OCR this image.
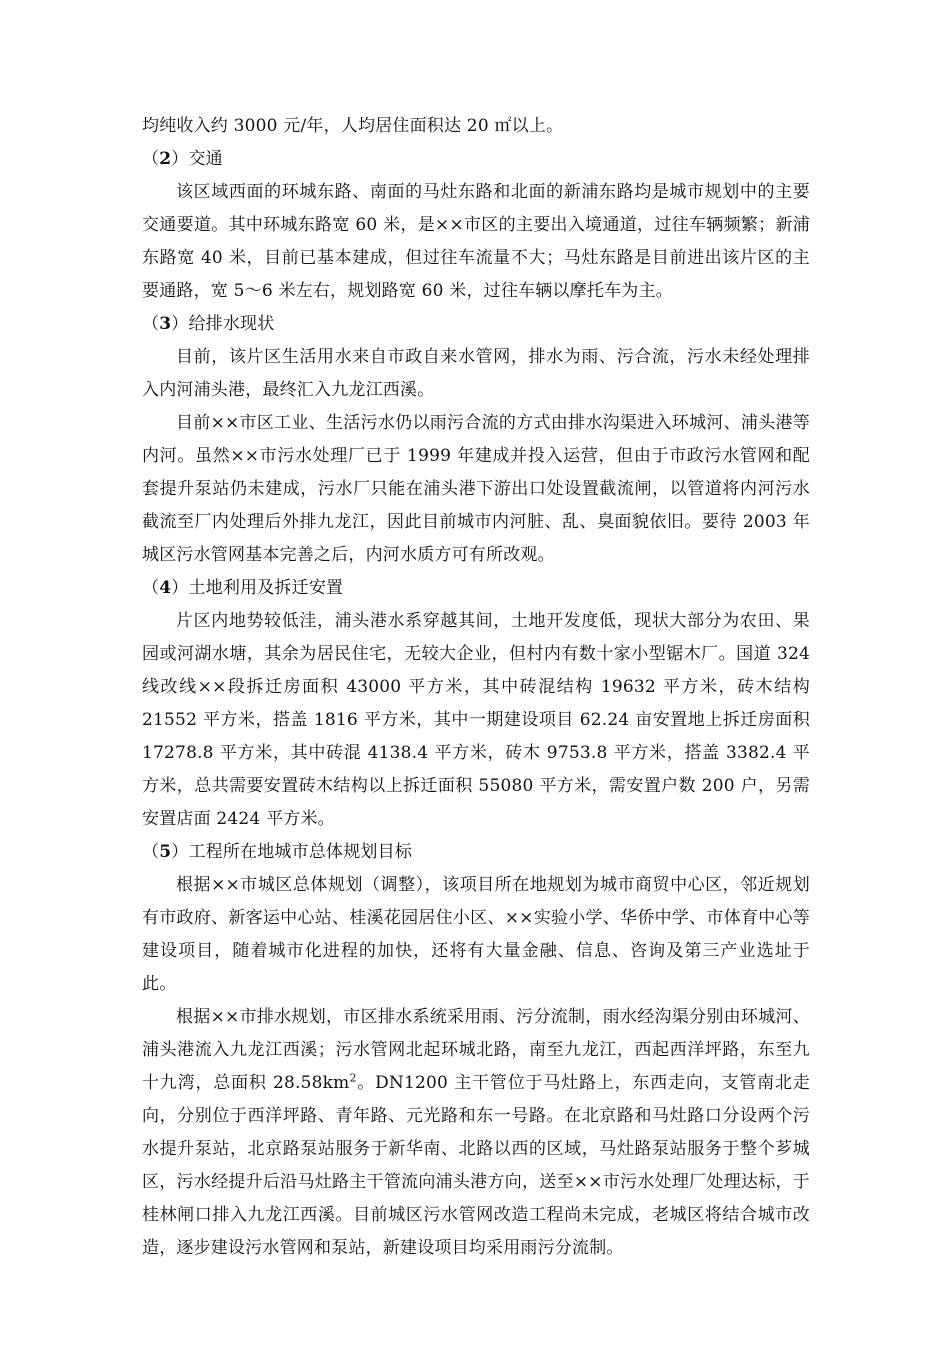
均纯收入约 3000 元/年，人均居住面积达 20 ㎡以上。

（2）交通

该区域西面的环城东路、南面的马灶东路和北面的新浦东路均是城市规划中的主要交通要道。其中环城东路宽 60 米，是××市区的主要出入境通道，过往车辆频繁；新浦东路宽 40 米，目前已基本建成，但过往车流量不大；马灶东路是目前进出该片区的主要通路，宽 5～6 米左右，规划路宽 60 米，过往车辆以摩托车为主。

（3）给排水现状

目前，该片区生活用水来自市政自来水管网，排水为雨、污合流，污水未经处理排入内河浦头港，最终汇入九龙江西溪。

目前××市区工业、生活污水仍以雨污合流的方式由排水沟渠进入环城河、浦头港等内河。虽然××市污水处理厂已于 1999 年建成并投入运营，但由于市政污水管网和配套提升泵站仍未建成，污水厂只能在浦头港下游出口处设置截流闸，以管道将内河污水截流至厂内处理后外排九龙江，因此目前城市内河脏、乱、臭面貌依旧。要待 2003 年城区污水管网基本完善之后，内河水质方可有所改观。

（4）土地利用及拆迁安置

片区内地势较低洼，浦头港水系穿越其间，土地开发度低，现状大部分为农田、果园或河湖水塘，其余为居民住宅，无较大企业，但村内有数十家小型锯木厂。国道 324 线改线××段拆迁房面积 43000 平方米，其中砖混结构 19632 平方米，砖木结构 21552 平方米，搭盖 1816 平方米，其中一期建设项目 62.24 亩安置地上拆迁房面积 17278.8 平方米，其中砖混 4138.4 平方米，砖木 9753.8 平方米，搭盖 3382.4 平方米，总共需要安置砖木结构以上拆迁面积 55080 平方米，需安置户数 200 户，另需安置店面 2424 平方米。

（5）工程所在地城市总体规划目标

根据××市城区总体规划（调整），该项目所在地规划为城市商贸中心区，邻近规划有市政府、新客运中心站、桂溪花园居住小区、××实验小学、华侨中学、市体育中心等建设项目，随着城市化进程的加快，还将有大量金融、信息、咨询及第三产业选址于此。

根据××市排水规划，市区排水系统采用雨、污分流制，雨水经沟渠分别由环城河、浦头港流入九龙江西溪；污水管网北起环城北路，南至九龙江，西起西洋坪路，东至九十九湾，总面积 $28.58km^2$。DN1200 主干管位于马灶路上，东西走向，支管南北走向，分别位于西洋坪路、青年路、元光路和东一号路。在北京路和马灶路口分设两个污水提升泵站，北京路泵站服务于新华南、北路以西的区域，马灶路泵站服务于整个芗城区，污水经提升后沿马灶路主干管流向浦头港方向，送至××市污水处理厂处理达标，于桂林闸口排入九龙江西溪。目前城区污水管网改造工程尚未完成，老城区将结合城市改造，逐步建设污水管网和泵站，新建设项目均采用雨污分流制。
